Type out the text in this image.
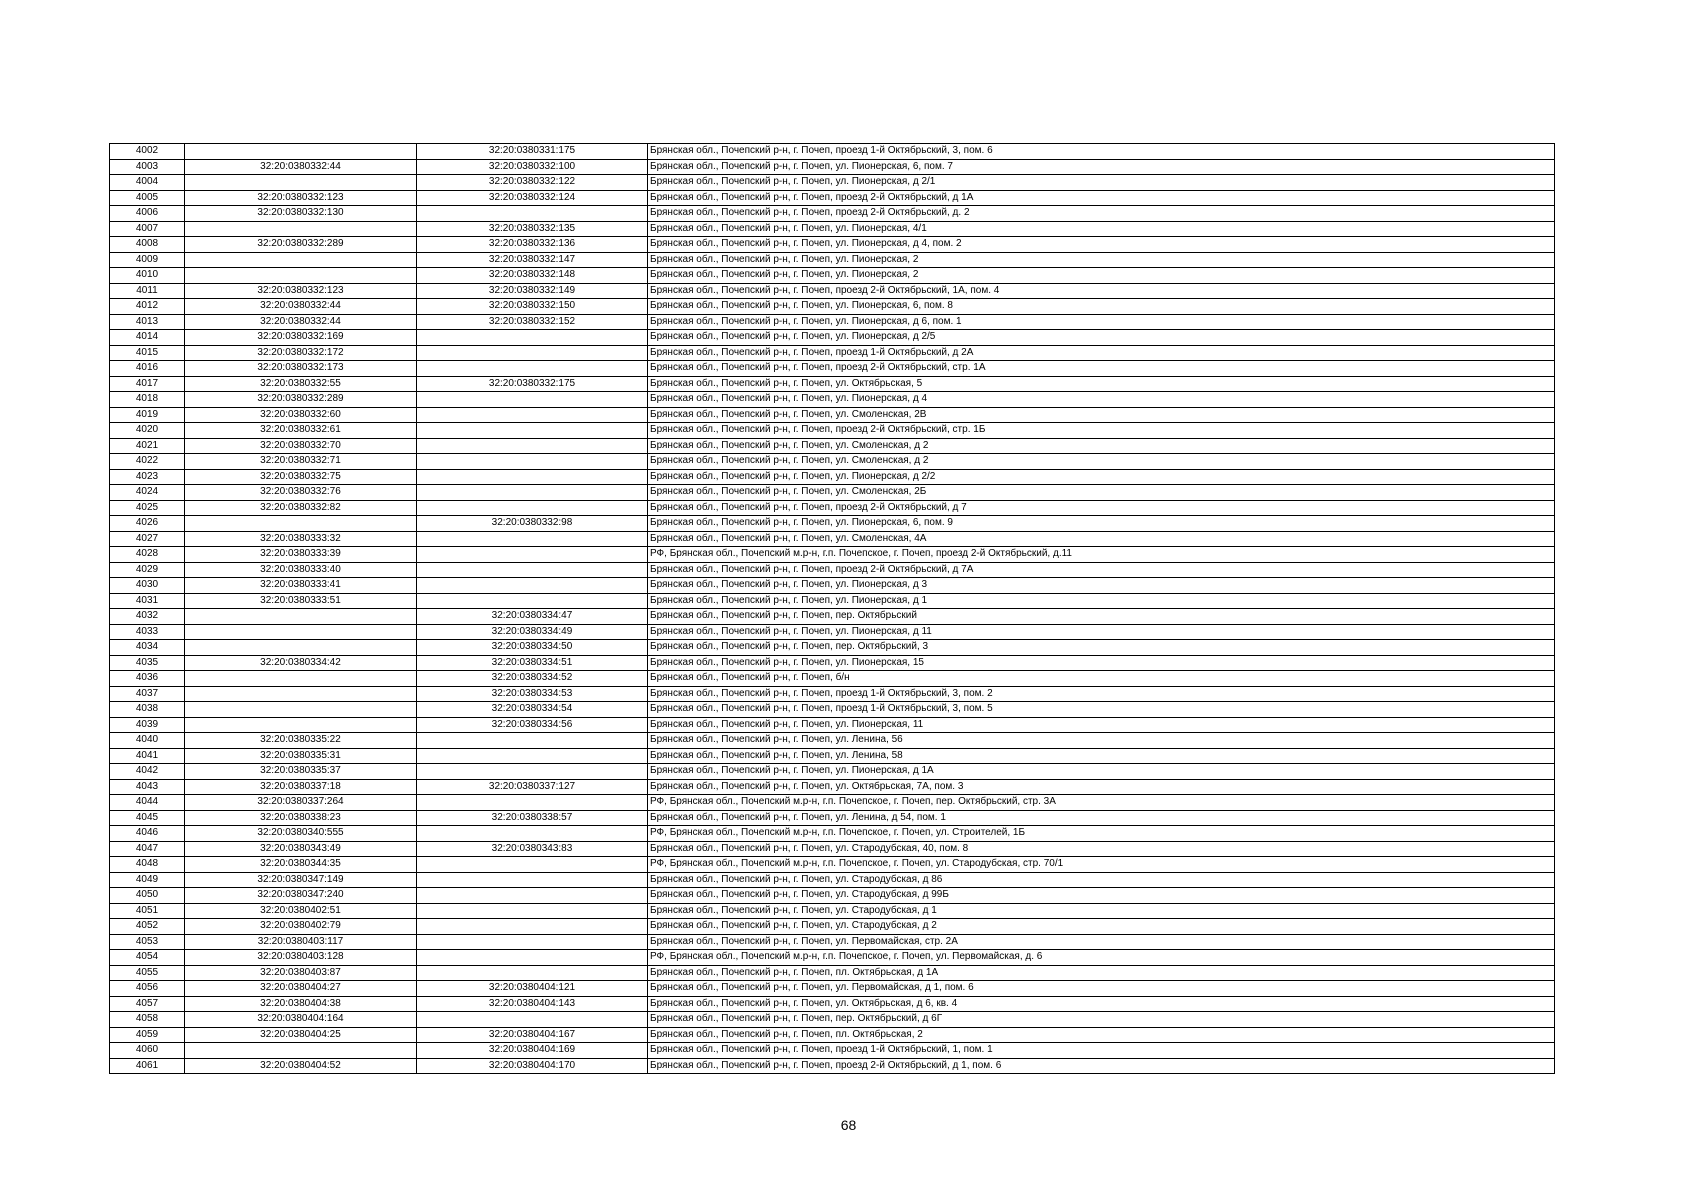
4002		32:20:0380331:175	Брянская обл., Почепский р-н, г. Почеп, проезд 1-й Октябрьский, 3, пом. 6
4003	32:20:0380332:44	32:20:0380332:100	Брянская обл., Почепский р-н, г. Почеп, ул. Пионерская, 6, пом. 7
4004		32:20:0380332:122	Брянская обл., Почепский р-н, г. Почеп, ул. Пионерская, д 2/1
4005	32:20:0380332:123	32:20:0380332:124	Брянская обл., Почепский р-н, г. Почеп, проезд 2-й Октябрьский, д 1А
4006	32:20:0380332:130		Брянская обл., Почепский р-н, г. Почеп, проезд 2-й Октябрьский, д. 2
4007		32:20:0380332:135	Брянская обл., Почепский р-н, г. Почеп, ул. Пионерская, 4/1
4008	32:20:0380332:289	32:20:0380332:136	Брянская обл., Почепский р-н, г. Почеп, ул. Пионерская, д 4, пом. 2
4009		32:20:0380332:147	Брянская обл., Почепский р-н, г. Почеп, ул. Пионерская, 2
4010		32:20:0380332:148	Брянская обл., Почепский р-н, г. Почеп, ул. Пионерская, 2
4011	32:20:0380332:123	32:20:0380332:149	Брянская обл., Почепский р-н, г. Почеп, проезд 2-й Октябрьский, 1А, пом. 4
4012	32:20:0380332:44	32:20:0380332:150	Брянская обл., Почепский р-н, г. Почеп, ул. Пионерская, 6, пом. 8
4013	32:20:0380332:44	32:20:0380332:152	Брянская обл., Почепский р-н, г. Почеп, ул. Пионерская, д 6, пом. 1
4014	32:20:0380332:169		Брянская обл., Почепский р-н, г. Почеп, ул. Пионерская, д 2/5
4015	32:20:0380332:172		Брянская обл., Почепский р-н, г. Почеп, проезд 1-й Октябрьский, д 2А
4016	32:20:0380332:173		Брянская обл., Почепский р-н, г. Почеп, проезд 2-й Октябрьский, стр. 1А
4017	32:20:0380332:55	32:20:0380332:175	Брянская обл., Почепский р-н, г. Почеп, ул. Октябрьская, 5
4018	32:20:0380332:289		Брянская обл., Почепский р-н, г. Почеп, ул. Пионерская, д 4
4019	32:20:0380332:60		Брянская обл., Почепский р-н, г. Почеп, ул. Смоленская, 2В
4020	32:20:0380332:61		Брянская обл., Почепский р-н, г. Почеп, проезд 2-й Октябрьский, стр. 1Б
4021	32:20:0380332:70		Брянская обл., Почепский р-н, г. Почеп, ул. Смоленская, д 2
4022	32:20:0380332:71		Брянская обл., Почепский р-н, г. Почеп, ул. Смоленская, д 2
4023	32:20:0380332:75		Брянская обл., Почепский р-н, г. Почеп, ул. Пионерская, д 2/2
4024	32:20:0380332:76		Брянская обл., Почепский р-н, г. Почеп, ул. Смоленская, 2Б
4025	32:20:0380332:82		Брянская обл., Почепский р-н, г. Почеп, проезд 2-й Октябрьский, д 7
4026		32:20:0380332:98	Брянская обл., Почепский р-н, г. Почеп, ул. Пионерская, 6, пом. 9
4027	32:20:0380333:32		Брянская обл., Почепский р-н, г. Почеп, ул. Смоленская, 4А
4028	32:20:0380333:39		РФ, Брянская обл., Почепский м.р-н, г.п. Почепское, г. Почеп, проезд 2-й Октябрьский, д.11
4029	32:20:0380333:40		Брянская обл., Почепский р-н, г. Почеп, проезд 2-й Октябрьский, д 7А
4030	32:20:0380333:41		Брянская обл., Почепский р-н, г. Почеп, ул. Пионерская, д 3
4031	32:20:0380333:51		Брянская обл., Почепский р-н, г. Почеп, ул. Пионерская, д 1
4032		32:20:0380334:47	Брянская обл., Почепский р-н, г. Почеп, пер. Октябрьский
4033		32:20:0380334:49	Брянская обл., Почепский р-н, г. Почеп, ул. Пионерская, д 11
4034		32:20:0380334:50	Брянская обл., Почепский р-н, г. Почеп, пер. Октябрьский, 3
4035	32:20:0380334:42	32:20:0380334:51	Брянская обл., Почепский р-н, г. Почеп, ул. Пионерская, 15
4036		32:20:0380334:52	Брянская обл., Почепский р-н, г. Почеп, б/н
4037		32:20:0380334:53	Брянская обл., Почепский р-н, г. Почеп, проезд 1-й Октябрьский, 3, пом. 2
4038		32:20:0380334:54	Брянская обл., Почепский р-н, г. Почеп, проезд 1-й Октябрьский, 3, пом. 5
4039		32:20:0380334:56	Брянская обл., Почепский р-н, г. Почеп, ул. Пионерская, 11
4040	32:20:0380335:22		Брянская обл., Почепский р-н, г. Почеп, ул. Ленина, 56
4041	32:20:0380335:31		Брянская обл., Почепский р-н, г. Почеп, ул. Ленина, 58
4042	32:20:0380335:37		Брянская обл., Почепский р-н, г. Почеп, ул. Пионерская, д 1А
4043	32:20:0380337:18	32:20:0380337:127	Брянская обл., Почепский р-н, г. Почеп, ул. Октябрьская, 7А, пом. 3
4044	32:20:0380337:264		РФ, Брянская обл., Почепский м.р-н, г.п. Почепское, г. Почеп, пер. Октябрьский, стр. 3А
4045	32:20:0380338:23	32:20:0380338:57	Брянская обл., Почепский р-н, г. Почеп, ул. Ленина, д 54, пом. 1
4046	32:20:0380340:555		РФ, Брянская обл., Почепский м.р-н, г.п. Почепское, г. Почеп, ул. Строителей, 1Б
4047	32:20:0380343:49	32:20:0380343:83	Брянская обл., Почепский р-н, г. Почеп, ул. Стародубская, 40, пом. 8
4048	32:20:0380344:35		РФ, Брянская обл., Почепский м.р-н, г.п. Почепское, г. Почеп, ул. Стародубская, стр. 70/1
4049	32:20:0380347:149		Брянская обл., Почепский р-н, г. Почеп, ул. Стародубская, д 86
4050	32:20:0380347:240		Брянская обл., Почепский р-н, г. Почеп, ул. Стародубская, д 99Б
4051	32:20:0380402:51		Брянская обл., Почепский р-н, г. Почеп, ул. Стародубская, д 1
4052	32:20:0380402:79		Брянская обл., Почепский р-н, г. Почеп, ул. Стародубская, д 2
4053	32:20:0380403:117		Брянская обл., Почепский р-н, г. Почеп, ул. Первомайская, стр. 2А
4054	32:20:0380403:128		РФ, Брянская обл., Почепский м.р-н, г.п. Почепское, г. Почеп, ул. Первомайская, д. 6
4055	32:20:0380403:87		Брянская обл., Почепский р-н, г. Почеп, пл. Октябрьская, д 1А
4056	32:20:0380404:27	32:20:0380404:121	Брянская обл., Почепский р-н, г. Почеп, ул. Первомайская, д 1, пом. 6
4057	32:20:0380404:38	32:20:0380404:143	Брянская обл., Почепский р-н, г. Почеп, ул. Октябрьская, д 6, кв. 4
4058	32:20:0380404:164		Брянская обл., Почепский р-н, г. Почеп, пер. Октябрьский, д 6Г
4059	32:20:0380404:25	32:20:0380404:167	Брянская обл., Почепский р-н, г. Почеп, пл. Октябрьская, 2
4060		32:20:0380404:169	Брянская обл., Почепский р-н, г. Почеп, проезд 1-й Октябрьский, 1, пом. 1
4061	32:20:0380404:52	32:20:0380404:170	Брянская обл., Почепский р-н, г. Почеп, проезд 2-й Октябрьский, д 1, пом. 6
68
